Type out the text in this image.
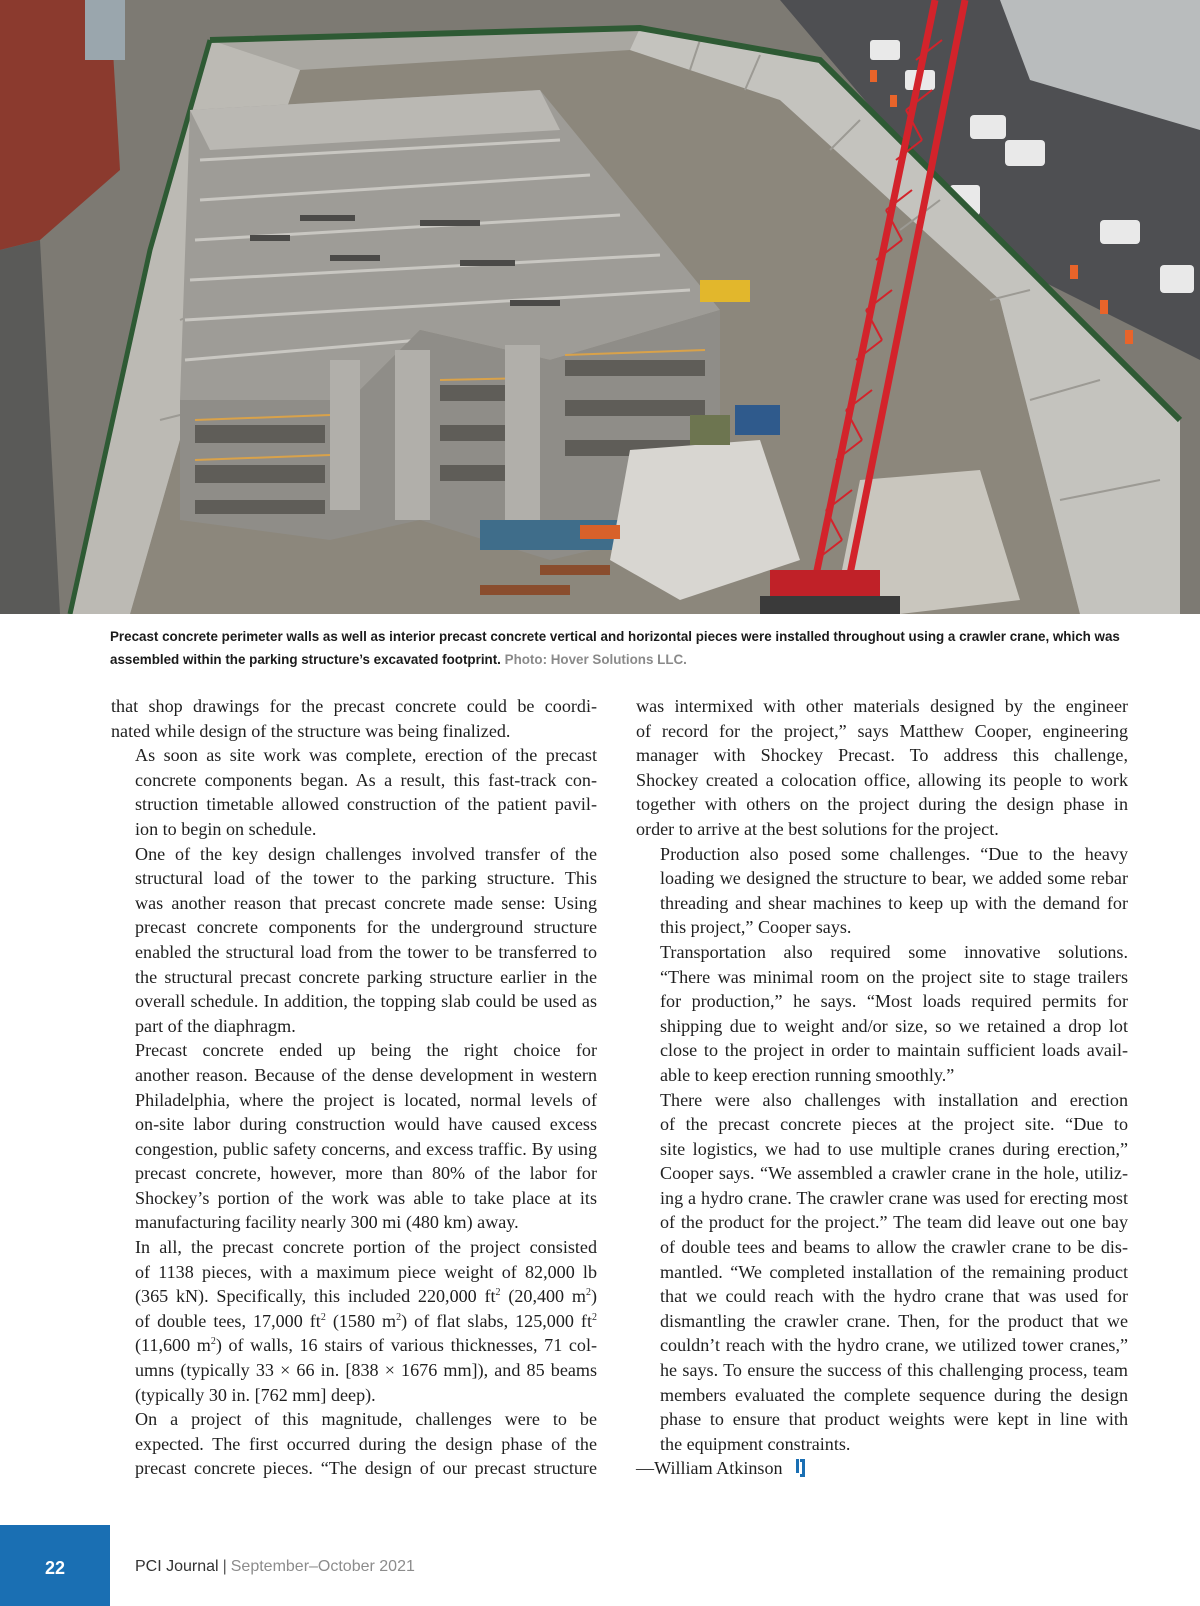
Precast concrete perimeter walls as well as interior precast concrete vertical and horizontal pieces were installed throughout using a crawler crane, which was assembled within the parking structure’s excavated footprint. Photo: Hover Solutions LLC.

that shop drawings for the precast concrete could be coordi-
nated while design of the structure was being finalized.

As soon as site work was complete, erection of the precast
concrete components began. As a result, this fast-track con-
struction timetable allowed construction of the patient pavil-
ion to begin on schedule.

One of the key design challenges involved transfer of the
structural load of the tower to the parking structure. This
was another reason that precast concrete made sense: Using
precast concrete components for the underground structure
enabled the structural load from the tower to be transferred to
the structural precast concrete parking structure earlier in the
overall schedule. In addition, the topping slab could be used as
part of the diaphragm.

Precast concrete ended up being the right choice for
another reason. Because of the dense development in western
Philadelphia, where the project is located, normal levels of
on-site labor during construction would have caused excess
congestion, public safety concerns, and excess traffic. By using
precast concrete, however, more than 80% of the labor for
Shockey’s portion of the work was able to take place at its
manufacturing facility nearly 300 mi (480 km) away.

In all, the precast concrete portion of the project consisted
of 1138 pieces, with a maximum piece weight of 82,000 lb
(365 kN). Specifically, this included 220,000 $ft^2$ (20,400 $m^2$)
of double tees, 17,000 $ft^2$ (1580 $m^2$) of flat slabs, 125,000 $ft^2$
(11,600 $m^2$) of walls, 16 stairs of various thicknesses, 71 col-
umns (typically 33 × 66 in. [838 × 1676 mm]), and 85 beams
(typically 30 in. [762 mm] deep).

On a project of this magnitude, challenges were to be
expected. The first occurred during the design phase of the
precast concrete pieces. “The design of our precast structure

was intermixed with other materials designed by the engineer
of record for the project,” says Matthew Cooper, engineering
manager with Shockey Precast. To address this challenge,
Shockey created a colocation office, allowing its people to work
together with others on the project during the design phase in
order to arrive at the best solutions for the project.

Production also posed some challenges. “Due to the heavy
loading we designed the structure to bear, we added some rebar
threading and shear machines to keep up with the demand for
this project,” Cooper says.

Transportation also required some innovative solutions.
“There was minimal room on the project site to stage trailers
for production,” he says. “Most loads required permits for
shipping due to weight and/or size, so we retained a drop lot
close to the project in order to maintain sufficient loads avail-
able to keep erection running smoothly.”

There were also challenges with installation and erection
of the precast concrete pieces at the project site. “Due to
site logistics, we had to use multiple cranes during erection,”
Cooper says. “We assembled a crawler crane in the hole, utiliz-
ing a hydro crane. The crawler crane was used for erecting most
of the product for the project.” The team did leave out one bay
of double tees and beams to allow the crawler crane to be dis-
mantled. “We completed installation of the remaining product
that we could reach with the hydro crane that was used for
dismantling the crawler crane. Then, for the product that we
couldn’t reach with the hydro crane, we utilized tower cranes,”
he says. To ensure the success of this challenging process, team
members evaluated the complete sequence during the design
phase to ensure that product weights were kept in line with
the equipment constraints.

—William Atkinson

22	PCI Journal | September–October 2021
